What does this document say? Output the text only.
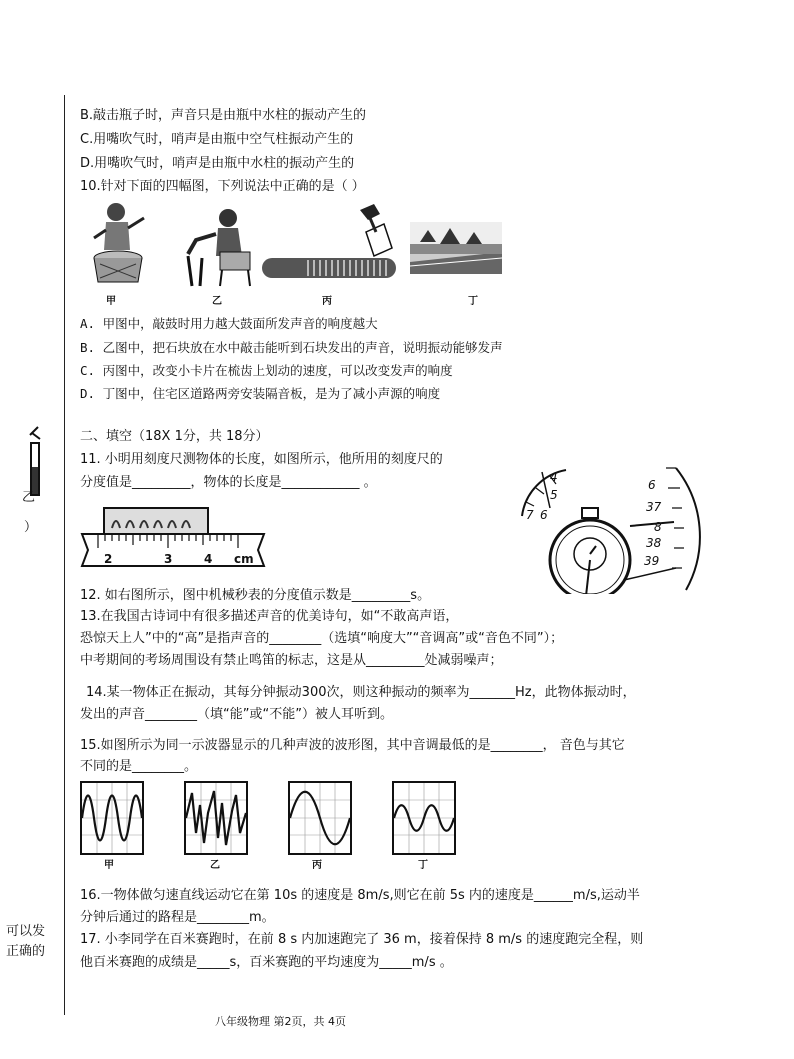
乙
）
可以发
正确的
B.敲击瓶子时，声音只是由瓶中水柱的振动产生的
C.用嘴吹气时，哨声是由瓶中空气柱振动产生的
D.用嘴吹气时，哨声是由瓶中水柱的振动产生的
10.针对下面的四幅图，下列说法中正确的是（ ）
甲	乙	丙	丁
A. 甲图中，敲鼓时用力越大鼓面所发声音的响度越大
B. 乙图中，把石块放在水中敲击能听到石块发出的声音，说明振动能够发声
C. 丙图中，改变小卡片在梳齿上划动的速度，可以改变发声的响度
D. 丁图中，住宅区道路两旁安装隔音板，是为了减小声源的响度
二、填空（18X 1分，共 18分）
11. 小明用刻度尺测物体的长度，如图所示，他所用的刻度尺的
分度值是_________，物体的长度是____________ 。
2	3	4 cm
4
5
7 6
6
37
8
38
39
12. 如右图所示，图中机械秒表的分度值示数是_________s。
13.在我国古诗词中有很多描述声音的优美诗句，如“不敢高声语，
恐惊天上人”中的“高”是指声音的________（选填“响度大”“音调高”或“音色不同”）；
中考期间的考场周围设有禁止鸣笛的标志，这是从_________处减弱噪声；
14.某一物体正在振动，其每分钟振动300次，则这种振动的频率为_______Hz，此物体振动时，
发出的声音________（填“能”或“不能”）被人耳听到。
15.如图所示为同一示波器显示的几种声波的波形图，其中音调最低的是________， 音色与其它
不同的是________。
甲	乙	丙	丁
16.一物体做匀速直线运动它在第 10s 的速度是 8m/s,则它在前 5s 内的速度是______m/s,运动半
分钟后通过的路程是________m。
17. 小李同学在百米赛跑时，在前 8 s 内加速跑完了 36 m，接着保持 8 m/s 的速度跑完全程，则
他百米赛跑的成绩是_____s，百米赛跑的平均速度为_____m/s 。
八年级物理 第2页，共 4页
